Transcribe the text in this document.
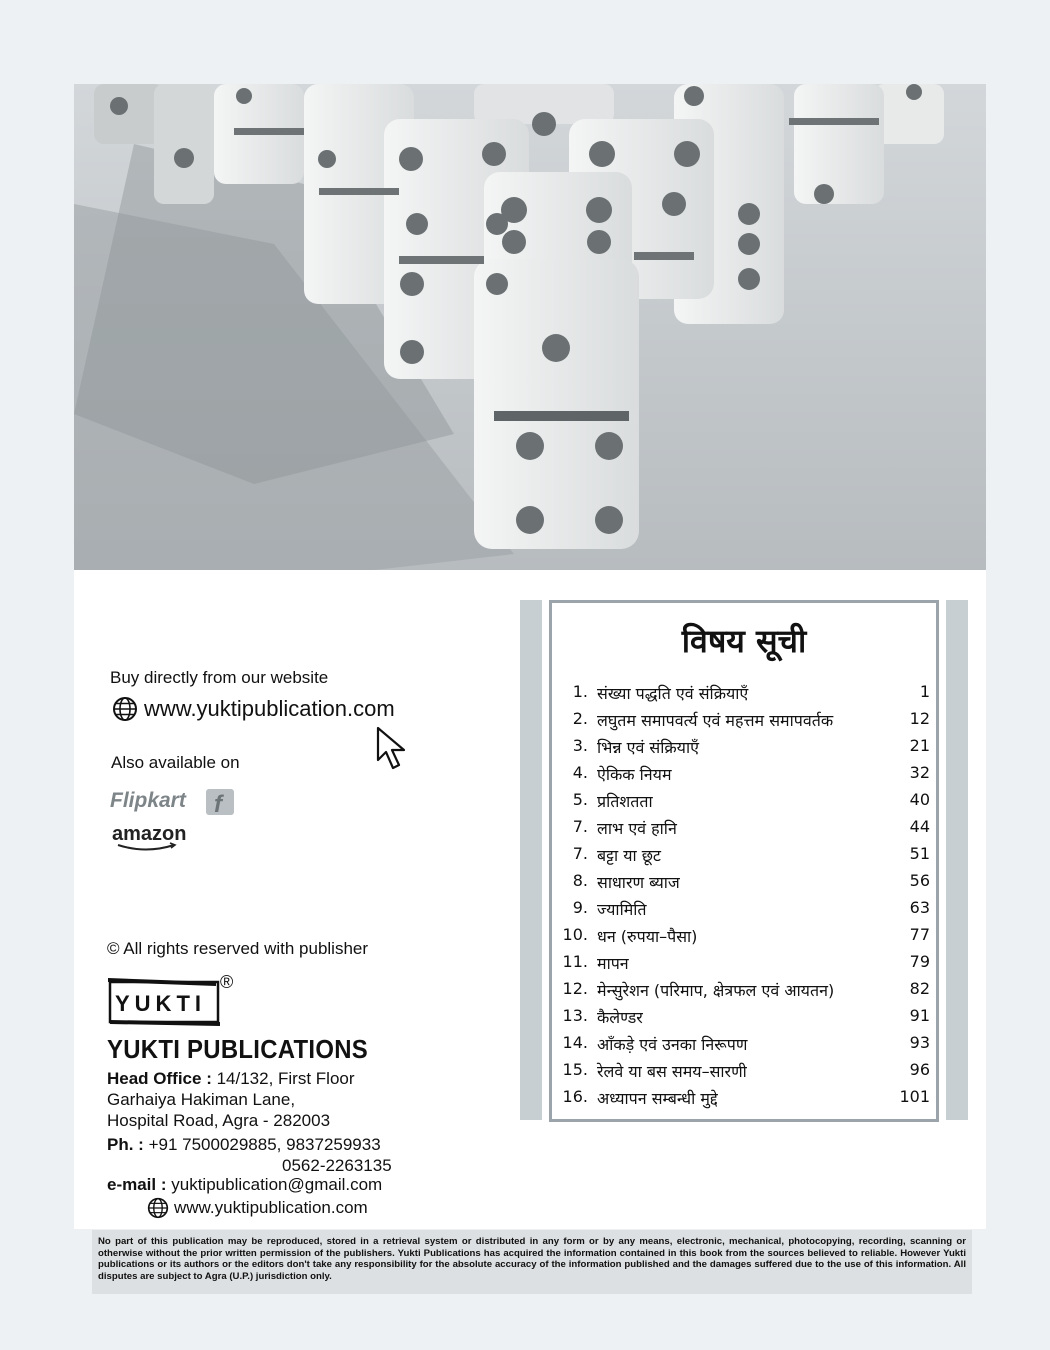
Buy directly from our website
www.yuktipublication.com
Also available on
Flipkart f
amazon
© All rights reserved with publisher
YUKTI
®
YUKTI PUBLICATIONS
Head Office : 14/132, First Floor
Garhaiya Hakiman Lane,
Hospital Road, Agra - 282003
Ph. : +91 7500029885, 9837259933
0562-2263135
e-mail : yuktipublication@gmail.com
www.yuktipublication.com
विषय सूची
1. संख्या पद्धति एवं संक्रियाएँ	1
2. लघुतम समापवर्त्य एवं महत्तम समापवर्तक	12
3. भिन्न एवं संक्रियाएँ	21
4. ऐकिक नियम	32
5. प्रतिशतता	40
7. लाभ एवं हानि	44
7. बट्टा या छूट	51
8. साधारण ब्याज	56
9. ज्यामिति	63
10. धन (रुपया–पैसा)	77
11. मापन	79
12. मेन्सुरेशन (परिमाप, क्षेत्रफल एवं आयतन)	82
13. कैलेण्डर	91
14. आँकड़े एवं उनका निरूपण	93
15. रेलवे या बस समय–सारणी	96
16. अध्यापन सम्बन्धी मुद्दे	101
No part of this publication may be reproduced, stored in a retrieval system or distributed in any form or by any means, electronic, mechanical, photocopying, recording, scanning or otherwise without the prior written permission of the publishers. Yukti Publications has acquired the information contained in this book from the sources believed to reliable. However Yukti publications or its authors or the editors don't take any responsibility for the absolute accuracy of the information published and the damages suffered due to the use of this information. All disputes are subject to Agra (U.P.) jurisdiction only.
